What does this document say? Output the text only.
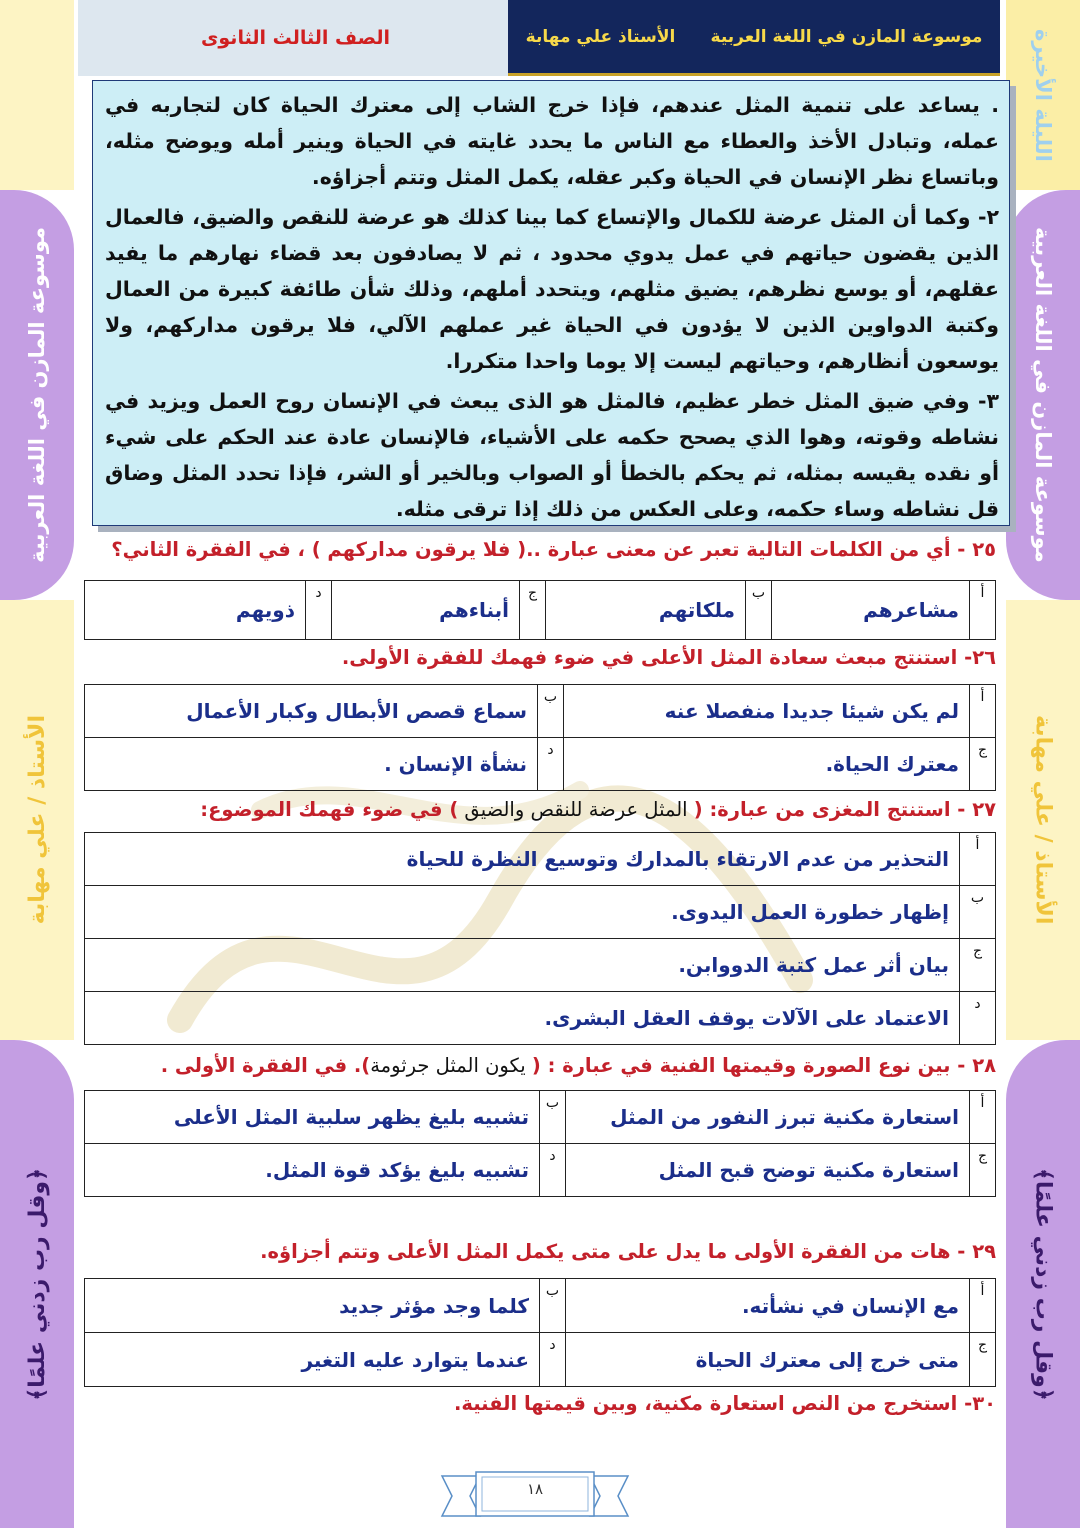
موسوعة المازن في اللغة العربية
الأستاذ علي مهابة
الصف الثالث الثانوى	الليلة الأخيرة
موسوعة المازن في اللغة العربية
الأستاذ / علي مهابة
﴿وقل رب زدني علمًا﴾
موسوعة المازن في اللغة العربية
الأستاذ / علي مهابة
﴿وقل رب زدني علمًا﴾

. يساعد على تنمية المثل عندهم، فإذا خرج الشاب إلى معترك الحياة كان لتجاربه في عمله، وتبادل الأخذ والعطاء مع الناس ما يحدد غايته في الحياة وينير أمله ويوضح مثله، وباتساع نظر الإنسان في الحياة وكبر عقله، يكمل المثل وتتم أجزاؤه.

٢- وكما أن المثل عرضة للكمال والإتساع كما بينا كذلك هو عرضة للنقص والضيق، فالعمال الذين يقضون حياتهم في عمل يدوي محدود ، ثم لا يصادفون بعد قضاء نهارهم ما يفيد عقلهم، أو يوسع نظرهم، يضيق مثلهم، ويتحدد أملهم، وذلك شأن طائفة كبيرة من العمال وكتبة الدواوين الذين لا يؤدون في الحياة غير عملهم الآلي، فلا يرقون مداركهم، ولا يوسعون أنظارهم، وحياتهم ليست إلا يوما واحدا متكررا.

٣- وفي ضيق المثل خطر عظيم، فالمثل هو الذى يبعث في الإنسان روح العمل ويزيد في نشاطه وقوته، وهوا الذي يصحح حكمه على الأشياء، فالإنسان عادة عند الحكم على شيء أو نقده يقيسه بمثله، ثم يحكم بالخطأ أو الصواب وبالخير أو الشر، فإذا تحدد المثل وضاق قل نشاطه وساء حكمه، وعلى العكس من ذلك إذا ترقى مثله.

٢٥ - أي من الكلمات التالية تعبر عن معنى عبارة ..( فلا يرقون مداركهم ) ، في الفقرة الثاني؟
أ
مشاعرهم
ب
ملكاتهم
ج
أبناءهم
د
ذويهم
٢٦- استنتج مبعث سعادة المثل الأعلى في ضوء فهمك للفقرة الأولى.
أ
لم يكن شيئا جديدا منفصلا عنه
ب
سماع قصص الأبطال وكبار الأعمال
ج
معترك الحياة.
د
نشأة الإنسان .
٢٧ - استنتج المغزى من عبارة: ( المثل عرضة للنقص والضيق ) في ضوء فهمك الموضوع:
أ
التحذير من عدم الارتقاء بالمدارك وتوسيع النظرة للحياة
ب
إظهار خطورة العمل اليدوى.
ج
بيان أثر عمل كتبة الدووابن.
د
الاعتماد على الآلات يوقف العقل البشرى.
٢٨ - بين نوع الصورة وقيمتها الفنية في عبارة : ( يكون المثل جرثومة). في الفقرة الأولى .
أ
استعارة مكنية تبرز النفور من المثل
ب
تشبيه بليغ يظهر سلبية المثل الأعلى
ج
استعارة مكنية توضح قبح المثل
د
تشبيه بليغ يؤكد قوة المثل.
٢٩ - هات من الفقرة الأولى ما يدل على متى يكمل المثل الأعلى وتتم أجزاؤه.
أ
مع الإنسان في نشأته.
ب
كلما وجد مؤثر جديد
ج
متى خرج إلى معترك الحياة
د
عندما يتوارد عليه التغير
٣٠- استخرج من النص استعارة مكنية، وبين قيمتها الفنية.
١٨
